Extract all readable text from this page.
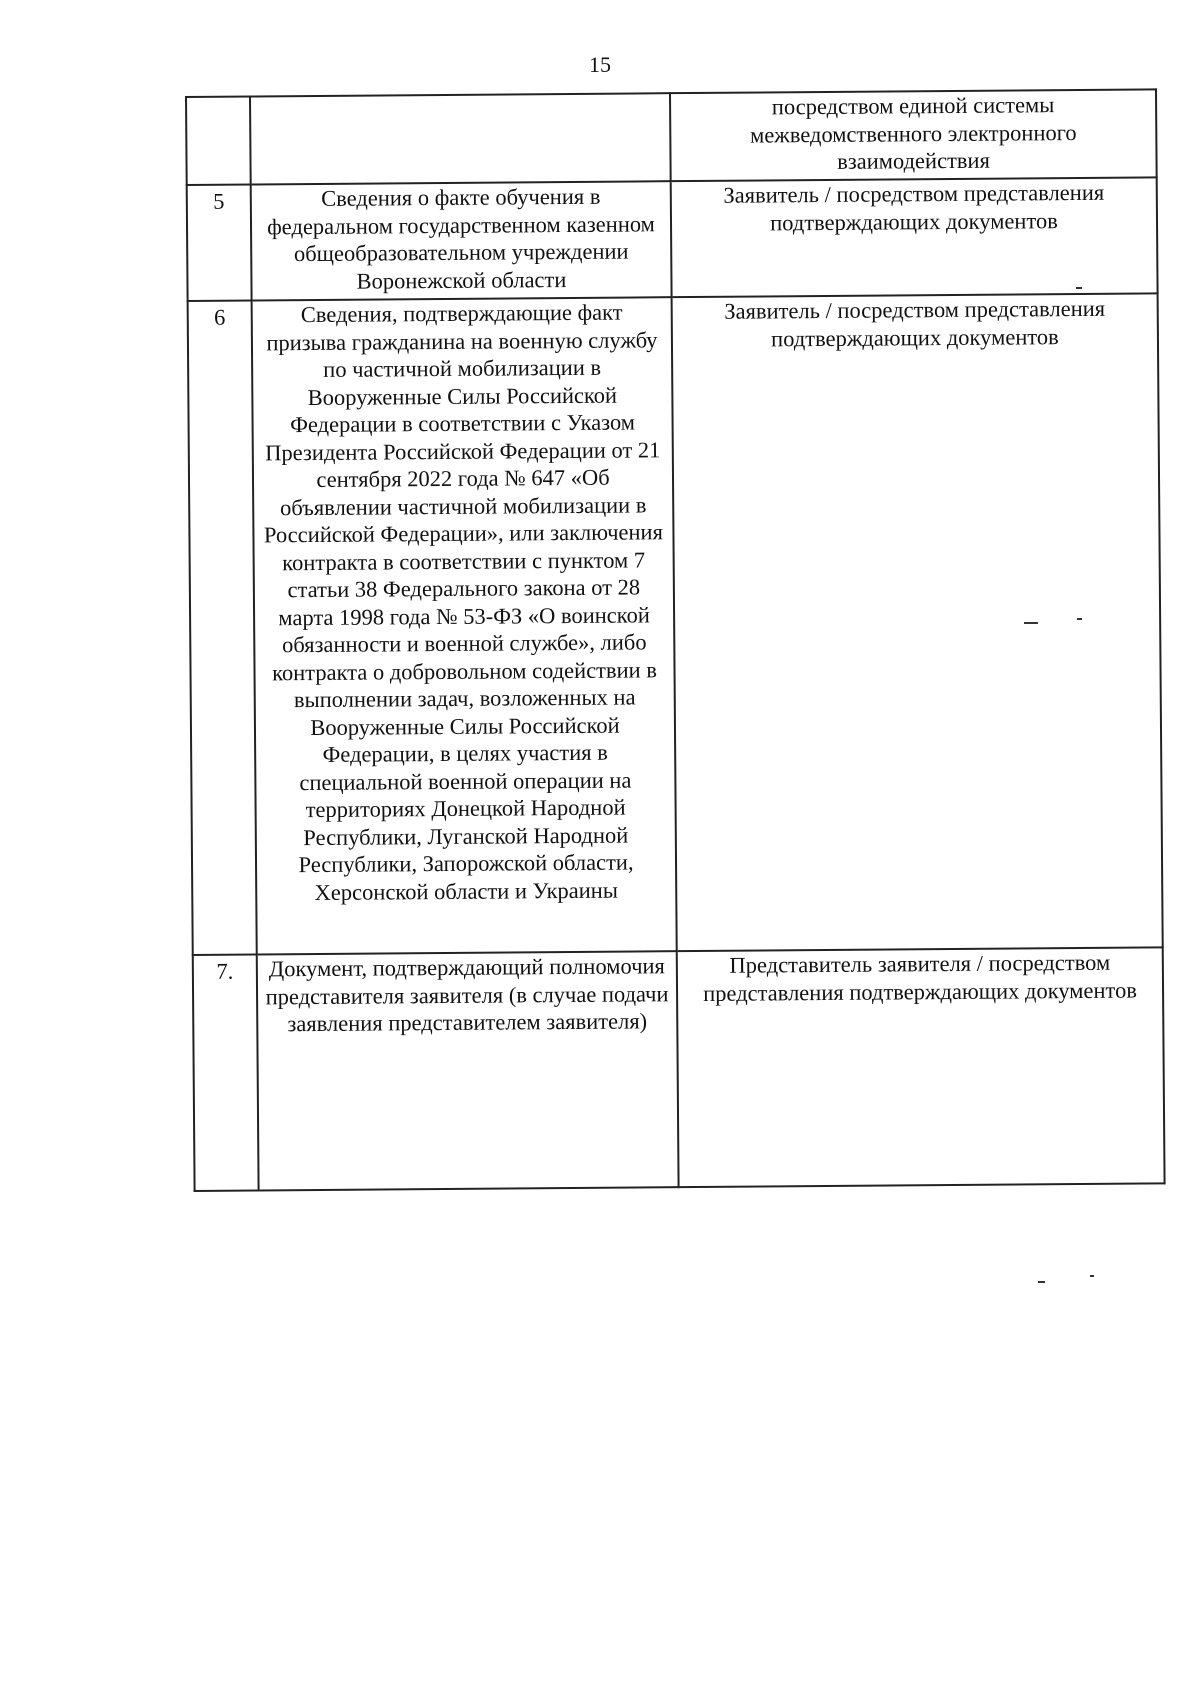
15
		посредством единой системы межведомственного электронного взаимодействия
5	Сведения о факте обучения в федеральном государственном казенном общеобразовательном учреждении Воронежской области	Заявитель / посредством представления подтверждающих документов
6	Сведения, подтверждающие факт призыва гражданина на военную службу по частичной мобилизации в Вооруженные Силы Российской Федерации в соответствии с Указом Президента Российской Федерации от 21 сентября 2022 года № 647 «Об объявлении частичной мобилизации в Российской Федерации», или заключения контракта в соответствии с пунктом 7 статьи 38 Федерального закона от 28 марта 1998 года № 53-ФЗ «О воинской обязанности и военной службе», либо контракта о добровольном содействии в выполнении задач, возложенных на Вооруженные Силы Российской Федерации, в целях участия в специальной военной операции на территориях Донецкой Народной Республики, Луганской Народной Республики, Запорожской области, Херсонской области и Украины	Заявитель / посредством представления подтверждающих документов
7.	Документ, подтверждающий полномочия представителя заявителя (в случае подачи заявления представителем заявителя)	Представитель заявителя / посредством представления подтверждающих документов
